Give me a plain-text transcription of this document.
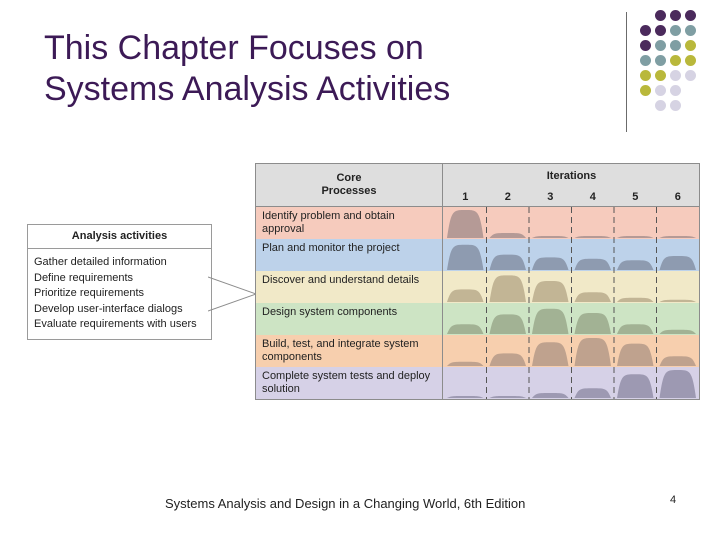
This Chapter Focuses on
Systems Analysis Activities
Analysis activities
Gather detailed information
Define requirements
Prioritize requirements
Develop user-interface dialogs
Evaluate requirements with users
Core
Processes
Iterations
1	2	3	4	5	6
Identify problem and obtain approval
Plan and monitor the project
Discover and understand details
Design system components
Build, test, and integrate system components
Complete system tests and deploy solution
Systems Analysis and Design in a Changing World, 6th Edition	4
